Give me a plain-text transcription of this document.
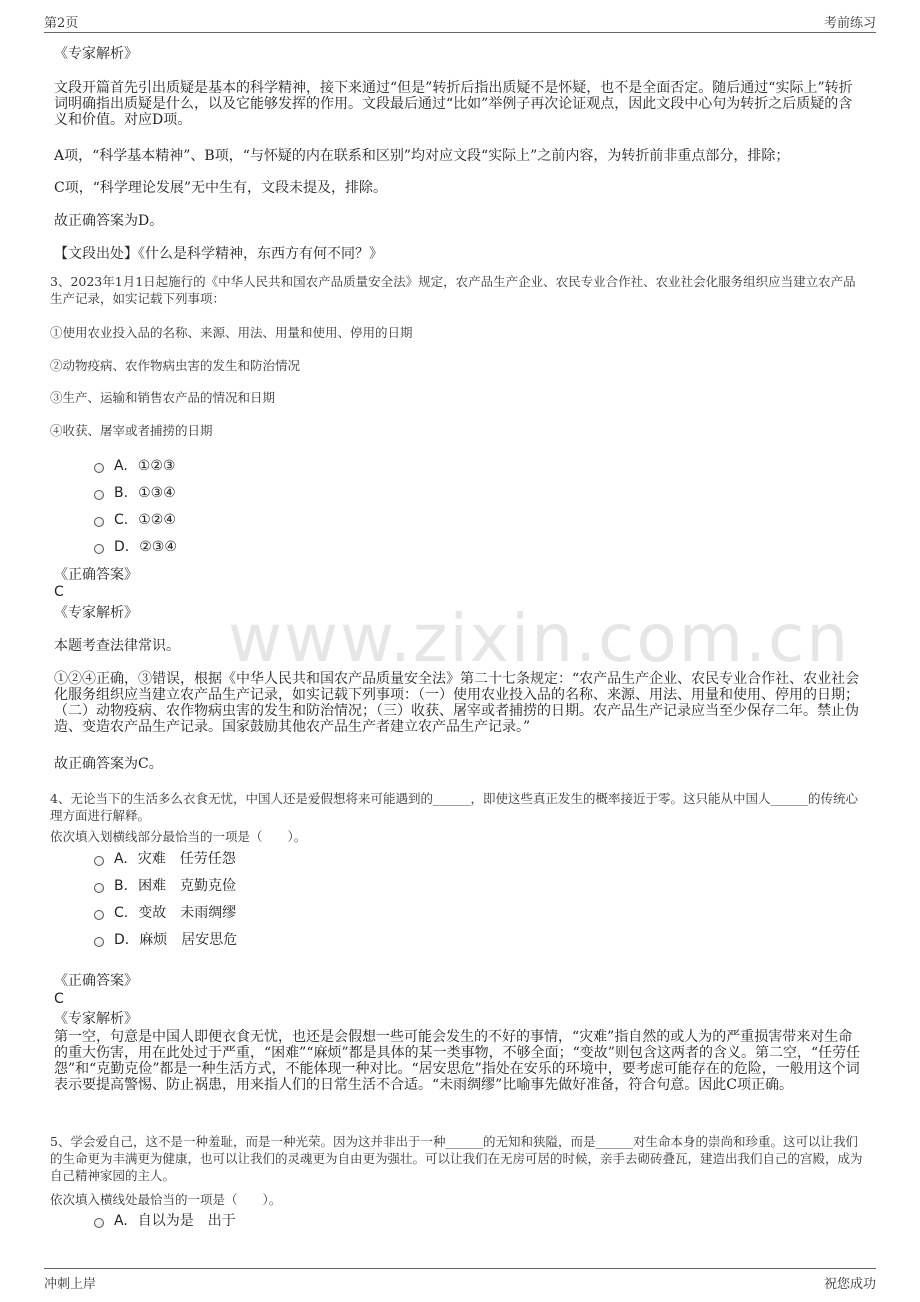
第2页	考前练习
www.zixin.com.cn
《专家解析》
文段开篇首先引出质疑是基本的科学精神，接下来通过“但是”转折后指出质疑不是怀疑，也不是全面否定。随后通过“实际上”转折词明确指出质疑是什么，以及它能够发挥的作用。文段最后通过“比如”举例子再次论证观点，因此文段中心句为转折之后质疑的含义和价值。对应D项。
A项，“科学基本精神”、B项，“与怀疑的内在联系和区别”均对应文段“实际上”之前内容，为转折前非重点部分，排除；
C项，“科学理论发展”无中生有，文段未提及，排除。
故正确答案为D。
【文段出处】《什么是科学精神，东西方有何不同？》
3、2023年1月1日起施行的《中华人民共和国农产品质量安全法》规定，农产品生产企业、农民专业合作社、农业社会化服务组织应当建立农产品生产记录，如实记载下列事项：
①使用农业投入品的名称、来源、用法、用量和使用、停用的日期
②动物疫病、农作物病虫害的发生和防治情况
③生产、运输和销售农产品的情况和日期
④收获、屠宰或者捕捞的日期
A. ①②③
B. ①③④
C. ①②④
D. ②③④
《正确答案》
C
《专家解析》
本题考查法律常识。
①②④正确，③错误，根据《中华人民共和国农产品质量安全法》第二十七条规定：“农产品生产企业、农民专业合作社、农业社会化服务组织应当建立农产品生产记录，如实记载下列事项：（一）使用农业投入品的名称、来源、用法、用量和使用、停用的日期；（二）动物疫病、农作物病虫害的发生和防治情况；（三）收获、屠宰或者捕捞的日期。农产品生产记录应当至少保存二年。禁止伪造、变造农产品生产记录。国家鼓励其他农产品生产者建立农产品生产记录。”
故正确答案为C。
4、无论当下的生活多么衣食无忧，中国人还是爱假想将来可能遇到的______，即使这些真正发生的概率接近于零。这只能从中国人______的传统心理方面进行解释。
依次填入划横线部分最恰当的一项是（　　）。
A. 灾难　任劳任怨
B. 困难　克勤克俭
C. 变故　未雨绸缪
D. 麻烦　居安思危
《正确答案》
C
《专家解析》
第一空，句意是中国人即便衣食无忧，也还是会假想一些可能会发生的不好的事情，“灾难”指自然的或人为的严重损害带来对生命的重大伤害，用在此处过于严重，“困难”“麻烦”都是具体的某一类事物，不够全面；“变故”则包含这两者的含义。第二空，“任劳任怨”和“克勤克俭”都是一种生活方式，不能体现一种对比。“居安思危”指处在安乐的环境中，要考虑可能存在的危险，一般用这个词表示要提高警惕、防止祸患，用来指人们的日常生活不合适。“未雨绸缪”比喻事先做好准备，符合句意。因此C项正确。
5、学会爱自己，这不是一种羞耻，而是一种光荣。因为这并非出于一种______的无知和狭隘，而是______对生命本身的崇尚和珍重。这可以让我们的生命更为丰满更为健康，也可以让我们的灵魂更为自由更为强壮。可以让我们在无房可居的时候，亲手去砌砖叠瓦，建造出我们自己的宫殿，成为自己精神家园的主人。
依次填入横线处最恰当的一项是（　　）。
A. 自以为是　出于
冲刺上岸	祝您成功
